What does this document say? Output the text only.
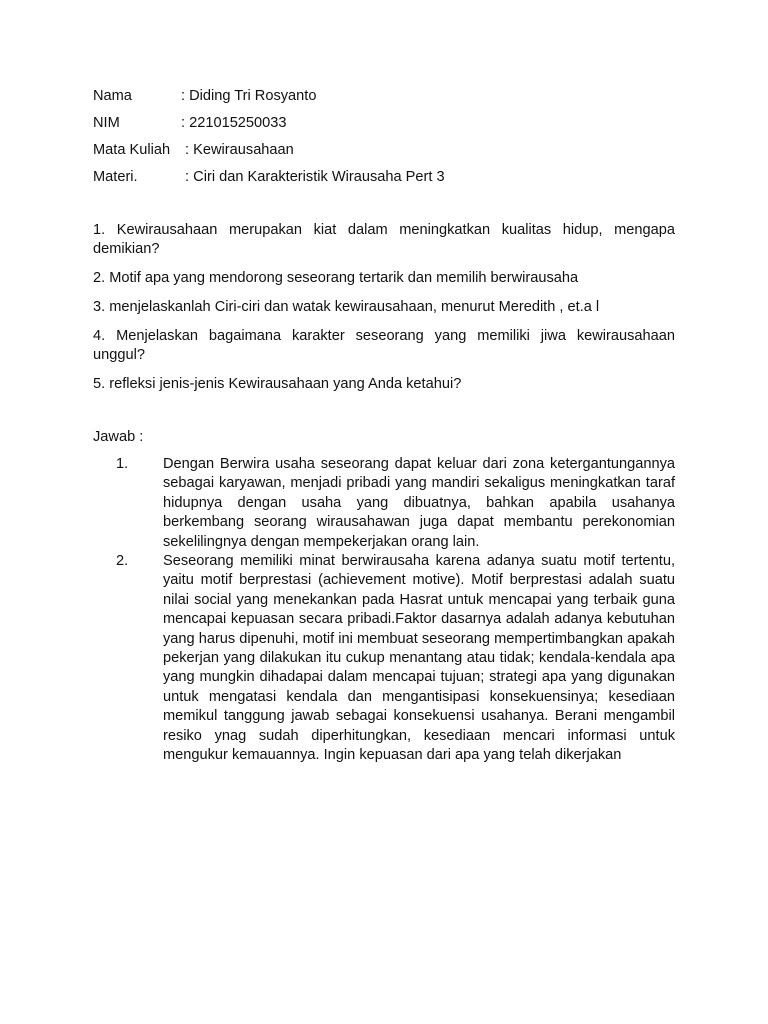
Nama	: Diding Tri Rosyanto
NIM	: 221015250033
Mata Kuliah : Kewirausahaan
Materi.	: Ciri dan Karakteristik Wirausaha Pert 3

1. Kewirausahaan merupakan kiat dalam meningkatkan kualitas hidup, mengapa demikian?

2. Motif apa yang mendorong seseorang tertarik dan memilih berwirausaha

3. menjelaskanlah Ciri-ciri dan watak kewirausahaan, menurut Meredith , et.a l

4. Menjelaskan bagaimana karakter seseorang yang memiliki jiwa kewirausahaan unggul?

5. refleksi jenis-jenis Kewirausahaan yang Anda ketahui?

Jawab :
1.	Dengan Berwira usaha seseorang dapat keluar dari zona ketergantungannya sebagai karyawan, menjadi pribadi yang mandiri sekaligus meningkatkan taraf hidupnya dengan usaha yang dibuatnya, bahkan apabila usahanya berkembang seorang wirausahawan juga dapat membantu perekonomian sekelilingnya dengan mempekerjakan orang lain.
2.	Seseorang memiliki minat berwirausaha karena adanya suatu motif tertentu, yaitu motif berprestasi (achievement motive). Motif berprestasi adalah suatu nilai social yang menekankan pada Hasrat untuk mencapai yang terbaik guna mencapai kepuasan secara pribadi.Faktor dasarnya adalah adanya kebutuhan yang harus dipenuhi, motif ini membuat seseorang mempertimbangkan apakah pekerjan yang dilakukan itu cukup menantang atau tidak; kendala-kendala apa yang mungkin dihadapai dalam mencapai tujuan; strategi apa yang digunakan untuk mengatasi kendala dan mengantisipasi konsekuensinya; kesediaan memikul tanggung jawab sebagai konsekuensi usahanya. Berani mengambil resiko ynag sudah diperhitungkan, kesediaan mencari informasi untuk mengukur kemauannya. Ingin kepuasan dari apa yang telah dikerjakan
